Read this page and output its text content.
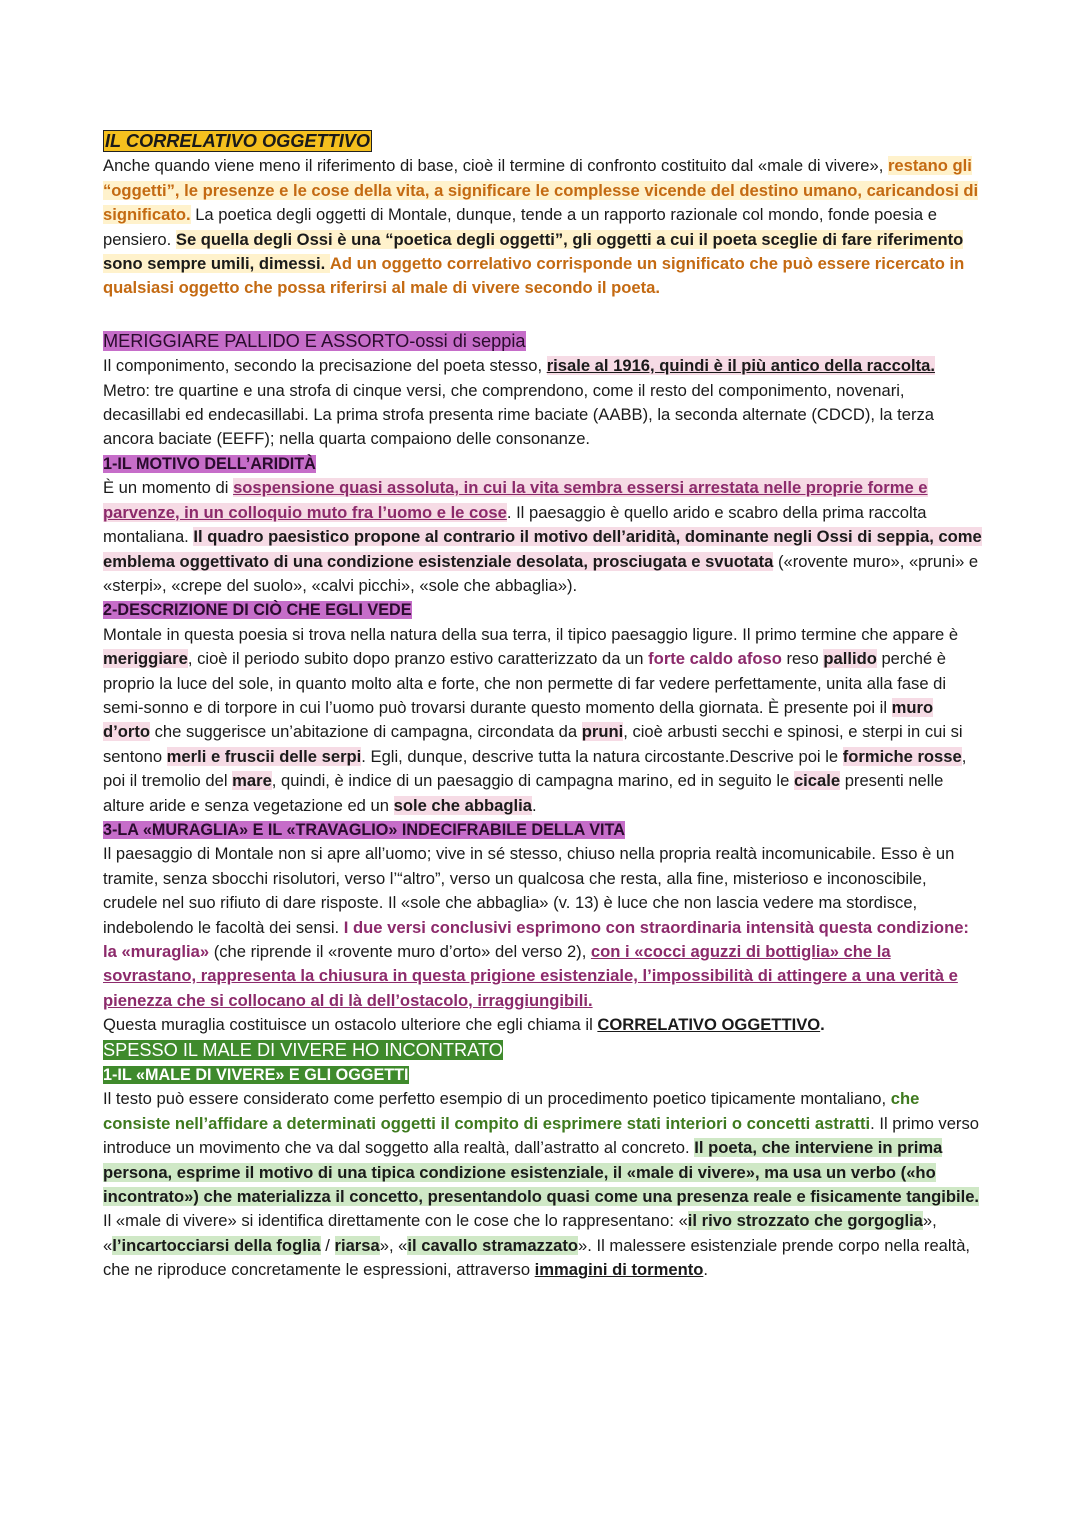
IL CORRELATIVO OGGETTIVO

Anche quando viene meno il riferimento di base, cioè il termine di confronto costituito dal «male di vivere», restano gli “oggetti”, le presenze e le cose della vita, a significare le complesse vicende del destino umano, caricandosi di significato. La poetica degli oggetti di Montale, dunque, tende a un rapporto razionale col mondo, fonde poesia e pensiero. Se quella degli Ossi è una “poetica degli oggetti”, gli oggetti a cui il poeta sceglie di fare riferimento sono sempre umili, dimessi. Ad un oggetto correlativo corrisponde un significato che può essere ricercato in qualsiasi oggetto che possa riferirsi al male di vivere secondo il poeta.

MERIGGIARE PALLIDO E ASSORTO-ossi di seppia

Il componimento, secondo la precisazione del poeta stesso, risale al 1916, quindi è il più antico della raccolta. Metro: tre quartine e una strofa di cinque versi, che comprendono, come il resto del componimento, novenari, decasillabi ed endecasillabi. La prima strofa presenta rime baciate (AABB), la seconda alternate (CDCD), la terza ancora baciate (EEFF); nella quarta compaiono delle consonanze.

1-IL MOTIVO DELL’ARIDITÀ

È un momento di sospensione quasi assoluta, in cui la vita sembra essersi arrestata nelle proprie forme e parvenze, in un colloquio muto fra l’uomo e le cose. Il paesaggio è quello arido e scabro della prima raccolta montaliana. Il quadro paesistico propone al contrario il motivo dell’aridità, dominante negli Ossi di seppia, come emblema oggettivato di una condizione esistenziale desolata, prosciugata e svuotata («rovente muro», «pruni» e «sterpi», «crepe del suolo», «calvi picchi», «sole che abbaglia»).

2-DESCRIZIONE DI CIÒ CHE EGLI VEDE

Montale in questa poesia si trova nella natura della sua terra, il tipico paesaggio ligure. Il primo termine che appare è meriggiare, cioè il periodo subito dopo pranzo estivo caratterizzato da un forte caldo afoso reso pallido perché è proprio la luce del sole, in quanto molto alta e forte, che non permette di far vedere perfettamente, unita alla fase di semi-sonno e di torpore in cui l’uomo può trovarsi durante questo momento della giornata. È presente poi il muro d’orto che suggerisce un’abitazione di campagna, circondata da pruni, cioè arbusti secchi e spinosi, e sterpi in cui si sentono merli e fruscii delle serpi. Egli, dunque, descrive tutta la natura circostante.Descrive poi le formiche rosse, poi il tremolio del mare, quindi, è indice di un paesaggio di campagna marino, ed in seguito le cicale presenti nelle alture aride e senza vegetazione ed un sole che abbaglia.

3-LA «MURAGLIA» E IL «TRAVAGLIO» INDECIFRABILE DELLA VITA

Il paesaggio di Montale non si apre all’uomo; vive in sé stesso, chiuso nella propria realtà incomunicabile. Esso è un tramite, senza sbocchi risolutori, verso l’“altro”, verso un qualcosa che resta, alla fine, misterioso e inconoscibile, crudele nel suo rifiuto di dare risposte. Il «sole che abbaglia» (v. 13) è luce che non lascia vedere ma stordisce, indebolendo le facoltà dei sensi. I due versi conclusivi esprimono con straordinaria intensità questa condizione: la «muraglia» (che riprende il «rovente muro d’orto» del verso 2), con i «cocci aguzzi di bottiglia» che la sovrastano, rappresenta la chiusura in questa prigione esistenziale, l’impossibilità di attingere a una verità e pienezza che si collocano al di là dell’ostacolo, irraggiungibili.
Questa muraglia costituisce un ostacolo ulteriore che egli chiama il CORRELATIVO OGGETTIVO.

SPESSO IL MALE DI VIVERE HO INCONTRATO
1-IL «MALE DI VIVERE» E GLI OGGETTI

Il testo può essere considerato come perfetto esempio di un procedimento poetico tipicamente montaliano, che consiste nell’affidare a determinati oggetti il compito di esprimere stati interiori o concetti astratti. Il primo verso introduce un movimento che va dal soggetto alla realtà, dall’astratto al concreto. Il poeta, che interviene in prima persona, esprime il motivo di una tipica condizione esistenziale, il «male di vivere», ma usa un verbo («ho incontrato») che materializza il concetto, presentandolo quasi come una presenza reale e fisicamente tangibile. Il «male di vivere» si identifica direttamente con le cose che lo rappresentano: «il rivo strozzato che gorgoglia», «l’incartocciarsi della foglia / riarsa», «il cavallo stramazzato». Il malessere esistenziale prende corpo nella realtà, che ne riproduce concretamente le espressioni, attraverso immagini di tormento.
